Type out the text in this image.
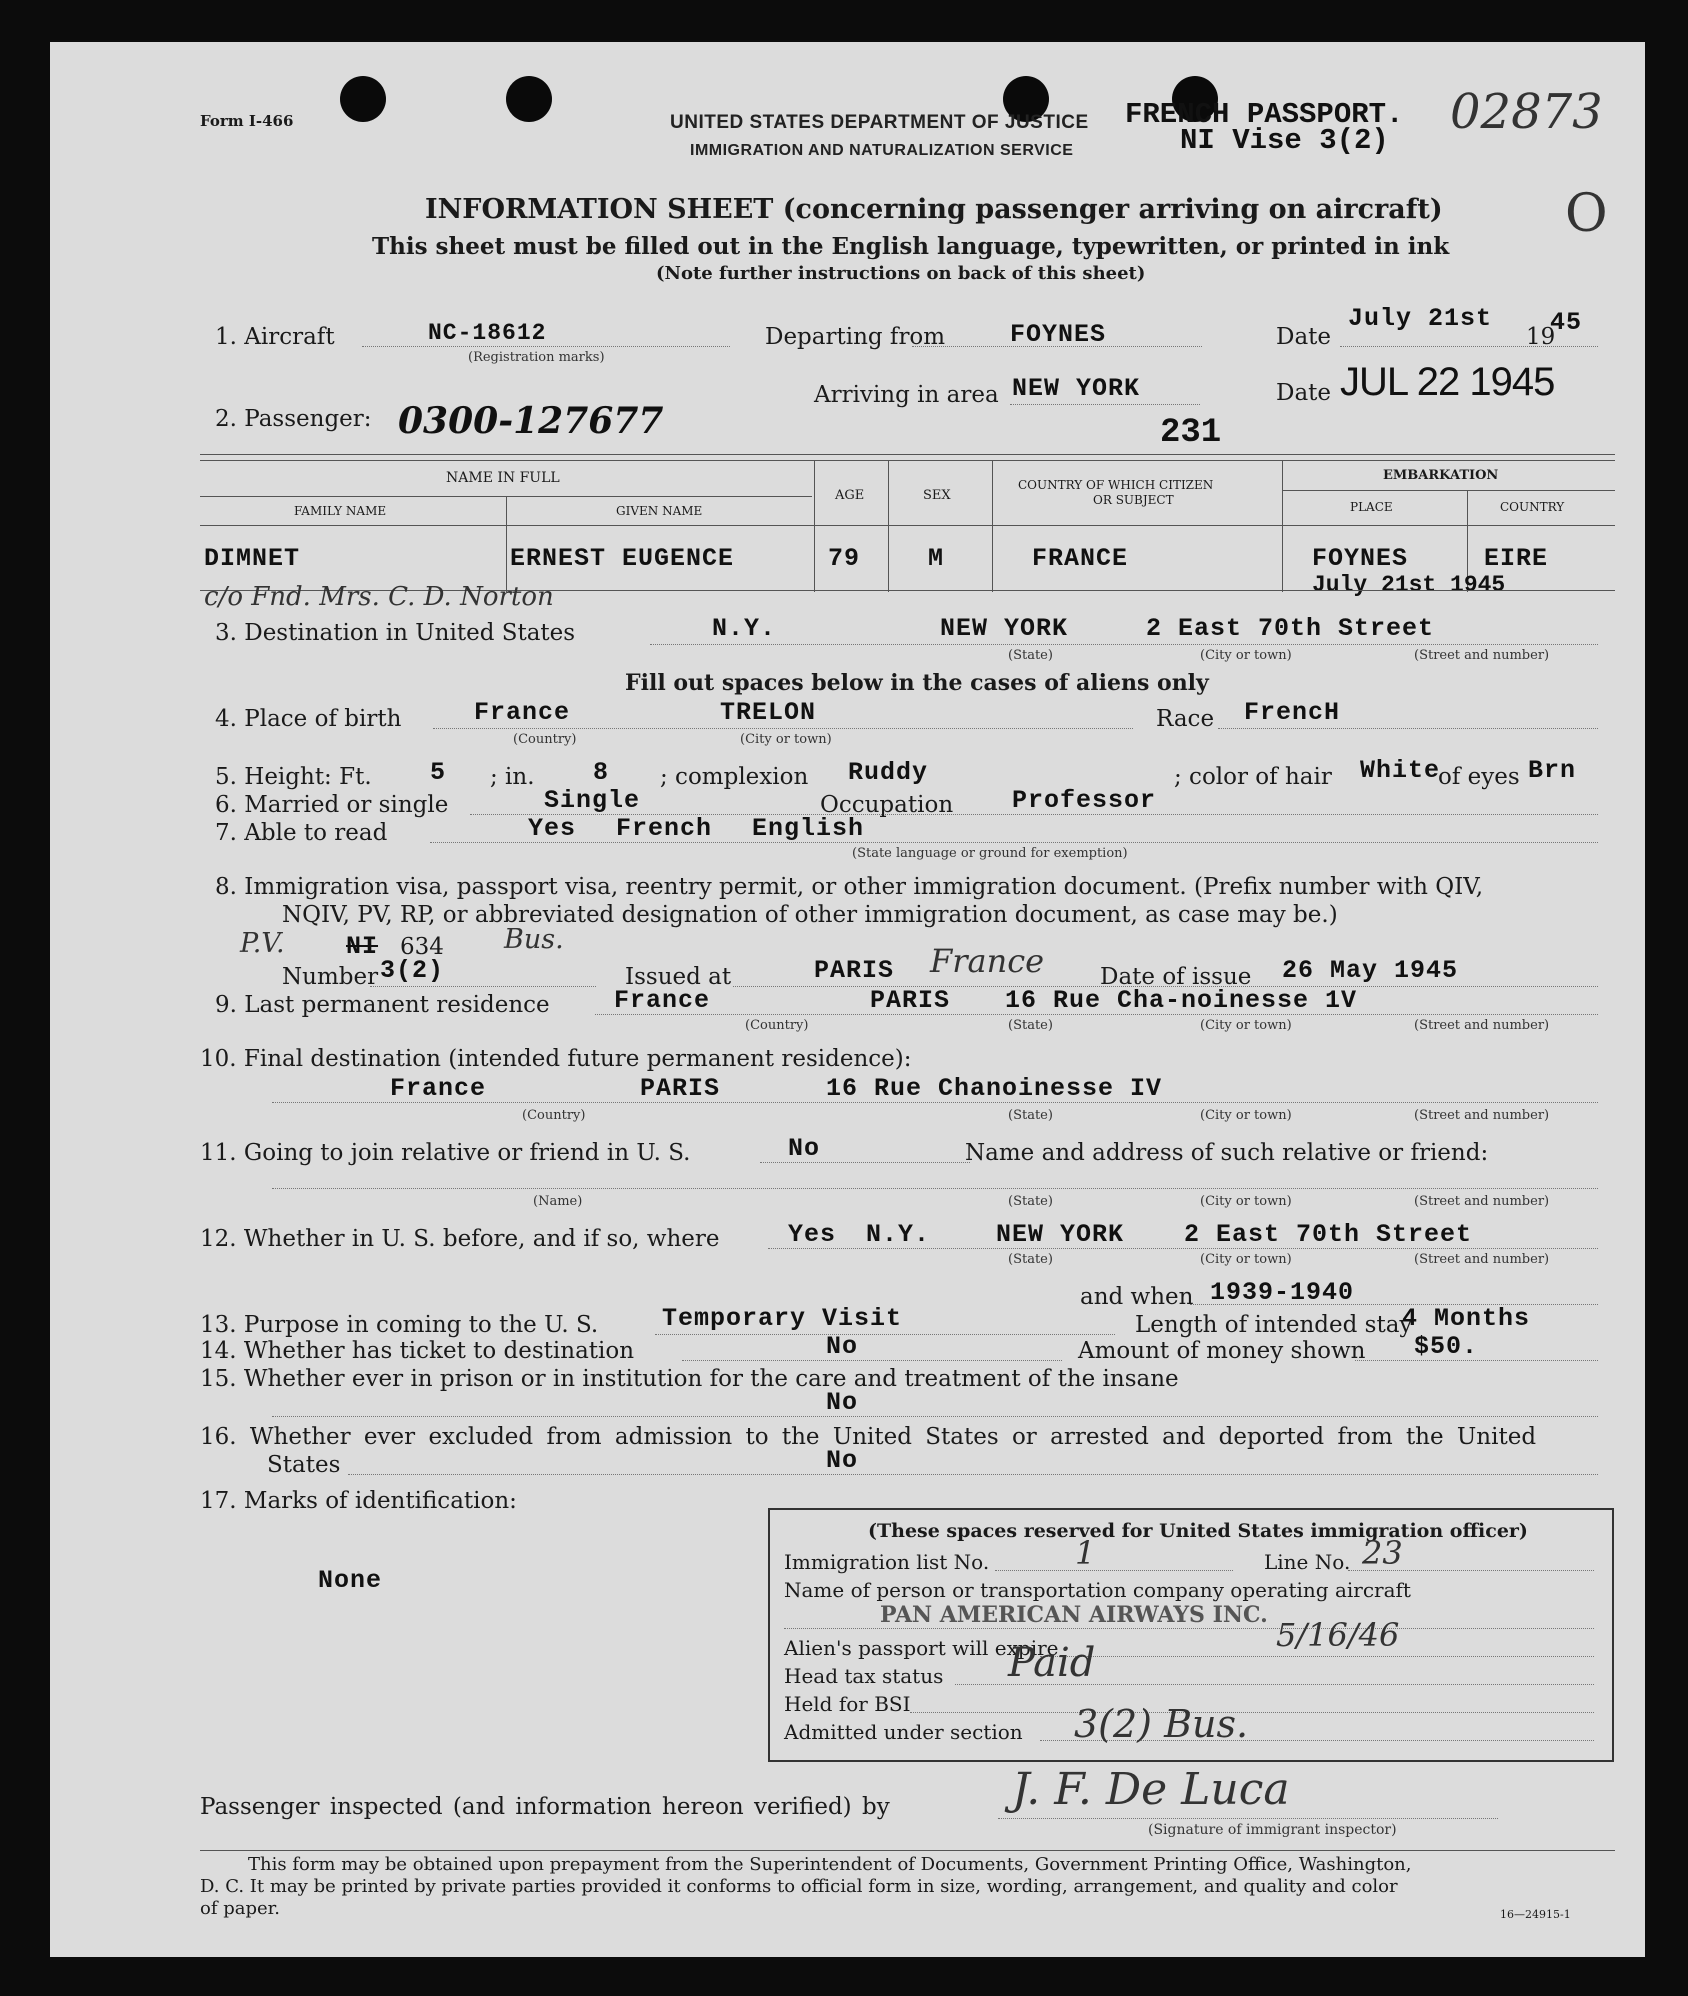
Form I-466	UNITED STATES DEPARTMENT OF JUSTICE
IMMIGRATION AND NATURALIZATION SERVICE
FRENCH PASSPORT.
NI Vise 3(2)
02873
O
INFORMATION SHEET (concerning passenger arriving on aircraft)
This sheet must be filled out in the English language, typewritten, or printed in ink
(Note further instructions on back of this sheet)
1. Aircraft	NC-18612
(Registration marks)
Departing from	FOYNES	Date
July 21st
19
45
Arriving in area NEW YORK	Date JUL 22 1945
2. Passenger: 0300-127677	231
NAME IN FULL
FAMILY NAME	GIVEN NAME
AGE	SEX
COUNTRY OF WHICH CITIZEN
OR SUBJECT
EMBARKATION
PLACE	COUNTRY
DIMNET	ERNEST EUGENCE	79	M	FRANCE	FOYNES	EIRE
July 21st 1945
c/o Fnd. Mrs. C. D. Norton
3. Destination in United States	N.Y.	NEW YORK	2 East 70th Street
(State)	(City or town)	(Street and number)
Fill out spaces below in the cases of aliens only
4. Place of birth	France	TRELON
(Country)	(City or town)
Race FrencH
5. Height: Ft. 5 ; in. 8 ; complexion Ruddy	; color of hair White
of eyes Brn
6. Married or single	Single	Occupation Professor
7. Able to read	Yes French English
(State language or ground for exemption)
8. Immigration visa, passport visa, reentry permit, or other immigration document. (Prefix number with QIV,
NQIV, PV, RP, or abbreviated designation of other immigration document, as case may be.)
P.V. NI 634 Bus.
Number 3(2)	Issued at	PARIS France Date of issue 26 May 1945
9. Last permanent residence	France	PARIS 16 Rue Cha-noinesse 1V
(Country)	(State)	(City or town)	(Street and number)
10. Final destination (intended future permanent residence):
France	PARIS	16 Rue Chanoinesse IV
(Country)	(State)	(City or town)	(Street and number)
11. Going to join relative or friend in U. S.	No	Name and address of such relative or friend:
(Name)	(State)	(City or town)	(Street and number)
12. Whether in U. S. before, and if so, where	Yes N.Y.	NEW YORK 2 East 70th Street
(State)	(City or town)	(Street and number)
and when 1939-1940
13. Purpose in coming to the U. S.	Temporary Visit	Length of intended stay
4 Months
14. Whether has ticket to destination	No	Amount of money shown $50.
15. Whether ever in prison or in institution for the care and treatment of the insane
No
16. Whether ever excluded from admission to the United States or arrested and deported from the United
States	No
17. Marks of identification:
None
(These spaces reserved for United States immigration officer)
Immigration list No.	1	Line No. 23
Name of person or transportation company operating aircraft
PAN AMERICAN AIRWAYS INC.
Alien's passport will expire	5/16/46
Head tax status Paid
Held for BSI
Admitted under section 3(2) Bus.
Passenger inspected (and information hereon verified) by	J. F. De Luca
(Signature of immigrant inspector)
This form may be obtained upon prepayment from the Superintendent of Documents, Government Printing Office, Washington,
D. C. It may be printed by private parties provided it conforms to official form in size, wording, arrangement, and quality and color
of paper.	16—24915-1
